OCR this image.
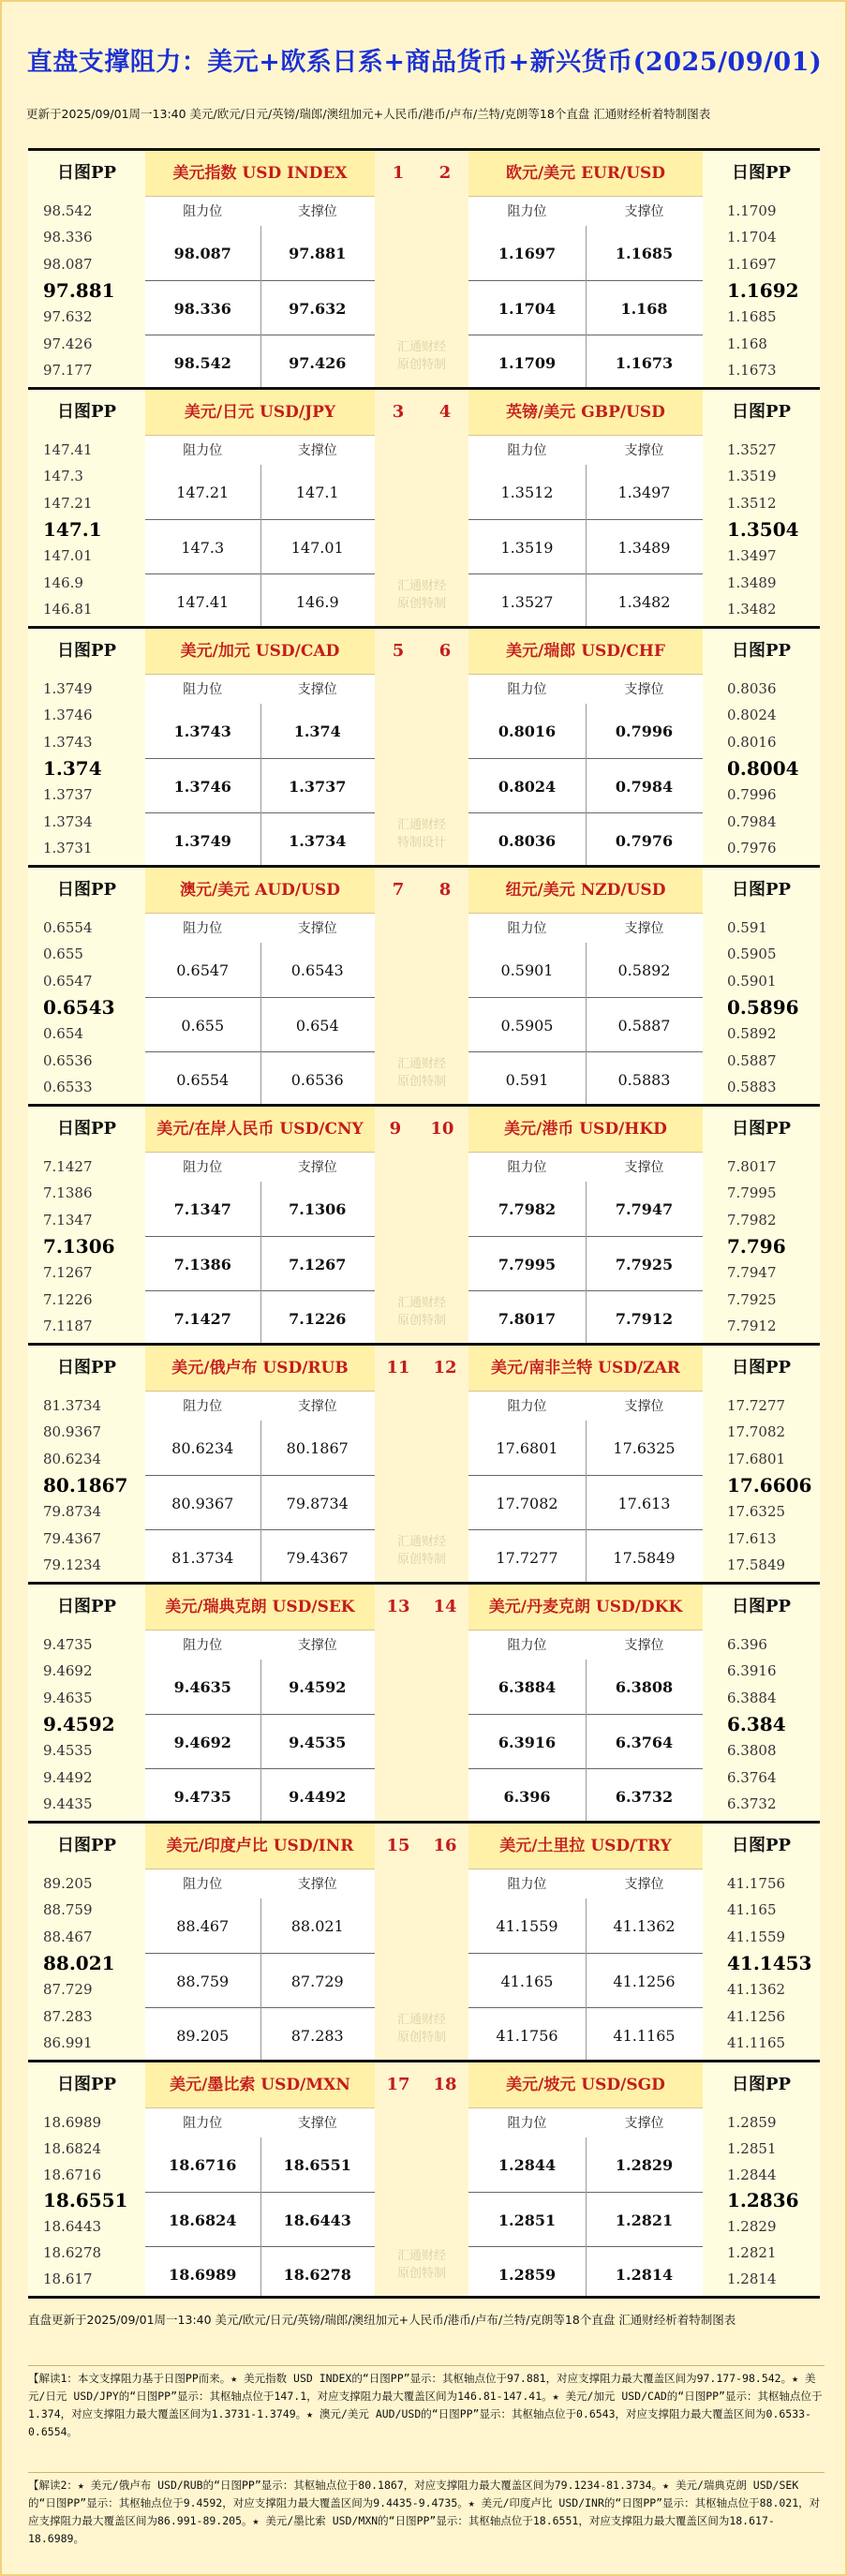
直盘支撑阻力：美元+欧系日系+商品货币+新兴货币(2025/09/01)
更新于2025/09/01周一13:40 美元/欧元/日元/英镑/瑞郎/澳纽加元+人民币/港币/卢布/兰特/克朗等18个直盘 汇通财经析着特制图表
日图PP
98.542
98.336
98.087
97.881
97.632
97.426
97.177
日图PP
1.1709
1.1704
1.1697
1.1692
1.1685
1.168
1.1673
美元指数 USD INDEX
阻力位	支撑位
98.087	97.881
98.336	97.632
98.542	97.426
欧元/美元 EUR/USD
阻力位	支撑位
1.1697	1.1685
1.1704	1.168
1.1709	1.1673
1 2
汇通财经
原创特制
日图PP
147.41
147.3
147.21
147.1
147.01
146.9
146.81
日图PP
1.3527
1.3519
1.3512
1.3504
1.3497
1.3489
1.3482
美元/日元 USD/JPY
阻力位	支撑位
147.21	147.1
147.3	147.01
147.41	146.9
英镑/美元 GBP/USD
阻力位	支撑位
1.3512	1.3497
1.3519	1.3489
1.3527	1.3482
3 4
汇通财经
原创特制
日图PP
1.3749
1.3746
1.3743
1.374
1.3737
1.3734
1.3731
日图PP
0.8036
0.8024
0.8016
0.8004
0.7996
0.7984
0.7976
美元/加元 USD/CAD
阻力位	支撑位
1.3743	1.374
1.3746	1.3737
1.3749	1.3734
美元/瑞郎 USD/CHF
阻力位	支撑位
0.8016	0.7996
0.8024	0.7984
0.8036	0.7976
5 6
汇通财经
特制设计
日图PP
0.6554
0.655
0.6547
0.6543
0.654
0.6536
0.6533
日图PP
0.591
0.5905
0.5901
0.5896
0.5892
0.5887
0.5883
澳元/美元 AUD/USD
阻力位	支撑位
0.6547	0.6543
0.655	0.654
0.6554	0.6536
纽元/美元 NZD/USD
阻力位	支撑位
0.5901	0.5892
0.5905	0.5887
0.591	0.5883
7 8
汇通财经
原创特制
日图PP
7.1427
7.1386
7.1347
7.1306
7.1267
7.1226
7.1187
日图PP
7.8017
7.7995
7.7982
7.796
7.7947
7.7925
7.7912
美元/在岸人民币 USD/CNY
阻力位	支撑位
7.1347	7.1306
7.1386	7.1267
7.1427	7.1226
美元/港币 USD/HKD
阻力位	支撑位
7.7982	7.7947
7.7995	7.7925
7.8017	7.7912
9 10
汇通财经
原创特制
日图PP
81.3734
80.9367
80.6234
80.1867
79.8734
79.4367
79.1234
日图PP
17.7277
17.7082
17.6801
17.6606
17.6325
17.613
17.5849
美元/俄卢布 USD/RUB
阻力位	支撑位
80.6234	80.1867
80.9367	79.8734
81.3734	79.4367
美元/南非兰特 USD/ZAR
阻力位	支撑位
17.6801	17.6325
17.7082	17.613
17.7277	17.5849
11 12
汇通财经
原创特制
日图PP
9.4735
9.4692
9.4635
9.4592
9.4535
9.4492
9.4435
日图PP
6.396
6.3916
6.3884
6.384
6.3808
6.3764
6.3732
美元/瑞典克朗 USD/SEK
阻力位	支撑位
9.4635	9.4592
9.4692	9.4535
9.4735	9.4492
美元/丹麦克朗 USD/DKK
阻力位	支撑位
6.3884	6.3808
6.3916	6.3764
6.396	6.3732
13 14
日图PP
89.205
88.759
88.467
88.021
87.729
87.283
86.991
日图PP
41.1756
41.165
41.1559
41.1453
41.1362
41.1256
41.1165
美元/印度卢比 USD/INR
阻力位	支撑位
88.467	88.021
88.759	87.729
89.205	87.283
美元/土里拉 USD/TRY
阻力位	支撑位
41.1559	41.1362
41.165	41.1256
41.1756	41.1165
15 16
汇通财经
原创特制
日图PP
18.6989
18.6824
18.6716
18.6551
18.6443
18.6278
18.617
日图PP
1.2859
1.2851
1.2844
1.2836
1.2829
1.2821
1.2814
美元/墨比索 USD/MXN
阻力位	支撑位
18.6716	18.6551
18.6824	18.6443
18.6989	18.6278
美元/坡元 USD/SGD
阻力位	支撑位
1.2844	1.2829
1.2851	1.2821
1.2859	1.2814
17 18
汇通财经
原创特制
直盘更新于2025/09/01周一13:40 美元/欧元/日元/英镑/瑞郎/澳纽加元+人民币/港币/卢布/兰特/克朗等18个直盘 汇通财经析着特制图表
【解读1：本文支撑阻力基于日图PP而来。★ 美元指数 USD INDEX的“日图PP”显示：其枢轴点位于97.881，对应支撑阻力最大覆盖区间为97.177-98.542。★ 美元/日元 USD/JPY的“日图PP”显示：其枢轴点位于147.1，对应支撑阻力最大覆盖区间为146.81-147.41。★ 美元/加元 USD/CAD的“日图PP”显示：其枢轴点位于1.374，对应支撑阻力最大覆盖区间为1.3731-1.3749。★ 澳元/美元 AUD/USD的“日图PP”显示：其枢轴点位于0.6543，对应支撑阻力最大覆盖区间为0.6533-0.6554。
【解读2：★ 美元/俄卢布 USD/RUB的“日图PP”显示：其枢轴点位于80.1867，对应支撑阻力最大覆盖区间为79.1234-81.3734。★ 美元/瑞典克朗 USD/SEK的“日图PP”显示：其枢轴点位于9.4592，对应支撑阻力最大覆盖区间为9.4435-9.4735。★ 美元/印度卢比 USD/INR的“日图PP”显示：其枢轴点位于88.021，对应支撑阻力最大覆盖区间为86.991-89.205。★ 美元/墨比索 USD/MXN的“日图PP”显示：其枢轴点位于18.6551，对应支撑阻力最大覆盖区间为18.617-18.6989。
